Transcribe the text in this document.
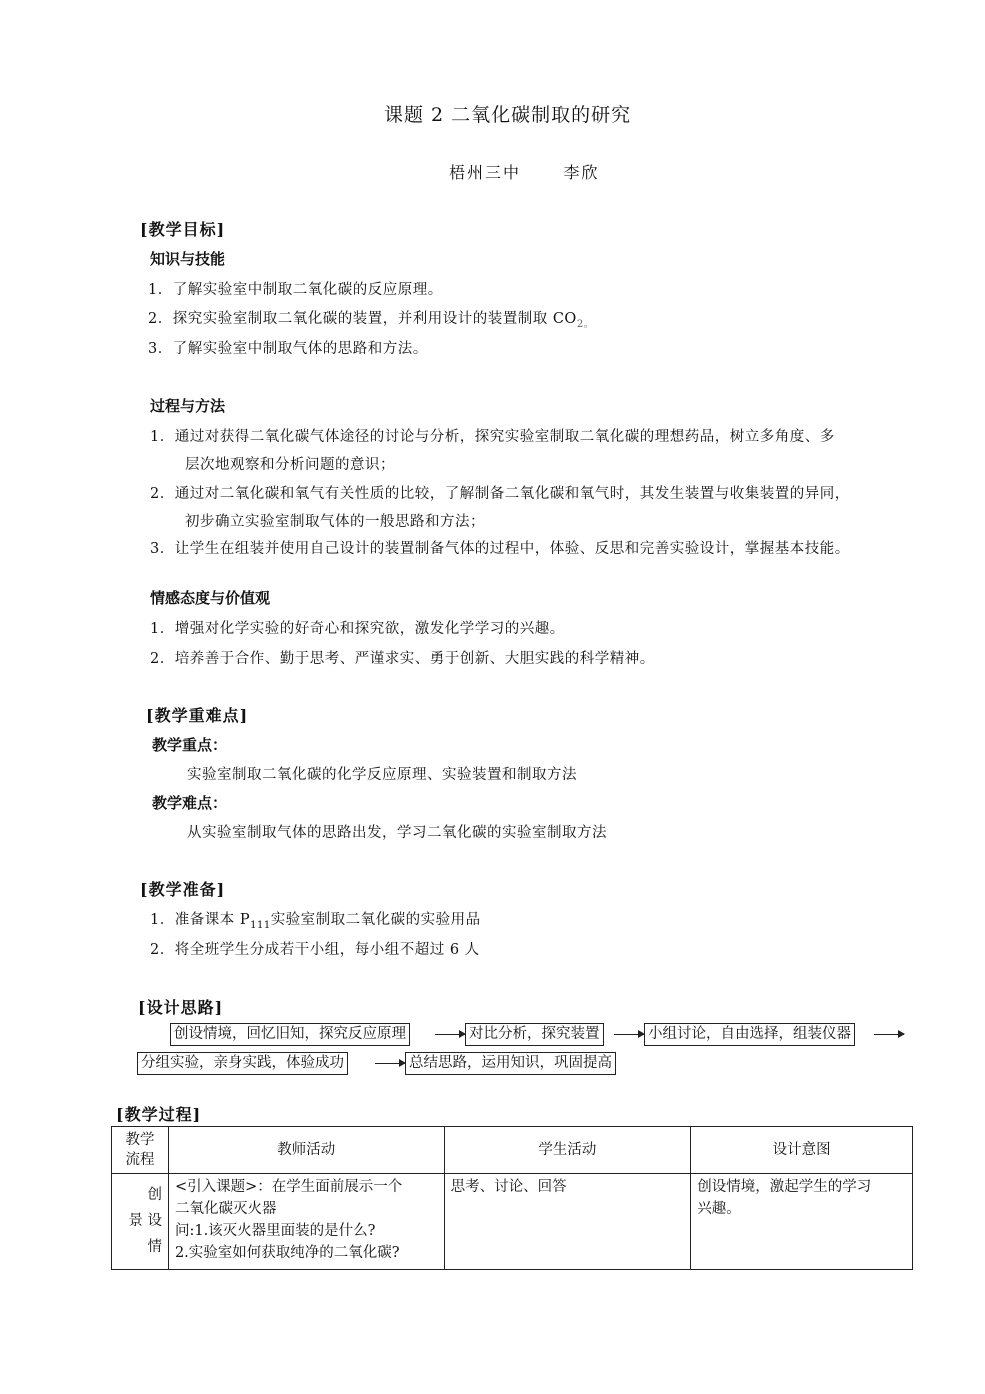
课题 2 二氧化碳制取的研究
梧州三中      李欣
[教学目标]
知识与技能
1．了解实验室中制取二氧化碳的反应原理。
2．探究实验室制取二氧化碳的装置，并利用设计的装置制取 $CO_{2。}$
3．了解实验室中制取气体的思路和方法。
过程与方法
1．通过对获得二氧化碳气体途径的讨论与分析，探究实验室制取二氧化碳的理想药品，树立多角度、多
层次地观察和分析问题的意识；
2．通过对二氧化碳和氧气有关性质的比较，了解制备二氧化碳和氧气时，其发生装置与收集装置的异同，
初步确立实验室制取气体的一般思路和方法；
3．让学生在组装并使用自己设计的装置制备气体的过程中，体验、反思和完善实验设计，掌握基本技能。
情感态度与价值观
1．增强对化学实验的好奇心和探究欲，激发化学学习的兴趣。
2．培养善于合作、勤于思考、严谨求实、勇于创新、大胆实践的科学精神。
[教学重难点]
教学重点：
实验室制取二氧化碳的化学反应原理、实验装置和制取方法
教学难点：
从实验室制取气体的思路出发，学习二氧化碳的实验室制取方法
[教学准备]
1．准备课本 $P_{111}$实验室制取二氧化碳的实验用品
2．将全班学生分成若干小组，每小组不超过 6 人
[设计思路]
创设情境，回忆旧知，探究反应原理	对比分析，探究装置	小组讨论，自由选择，组装仪器
分组实验，亲身实践，体验成功	总结思路，运用知识，巩固提高
[教学过程]
教学
流程	教师活动	学生活动	设计意图
创
景 设
情	<引入课题>：在学生面前展示一个
二氧化碳灭火器
问:1.该灭火器里面装的是什么?
2.实验室如何获取纯净的二氧化碳?	思考、讨论、回答	创设情境，激起学生的学习
兴趣。
